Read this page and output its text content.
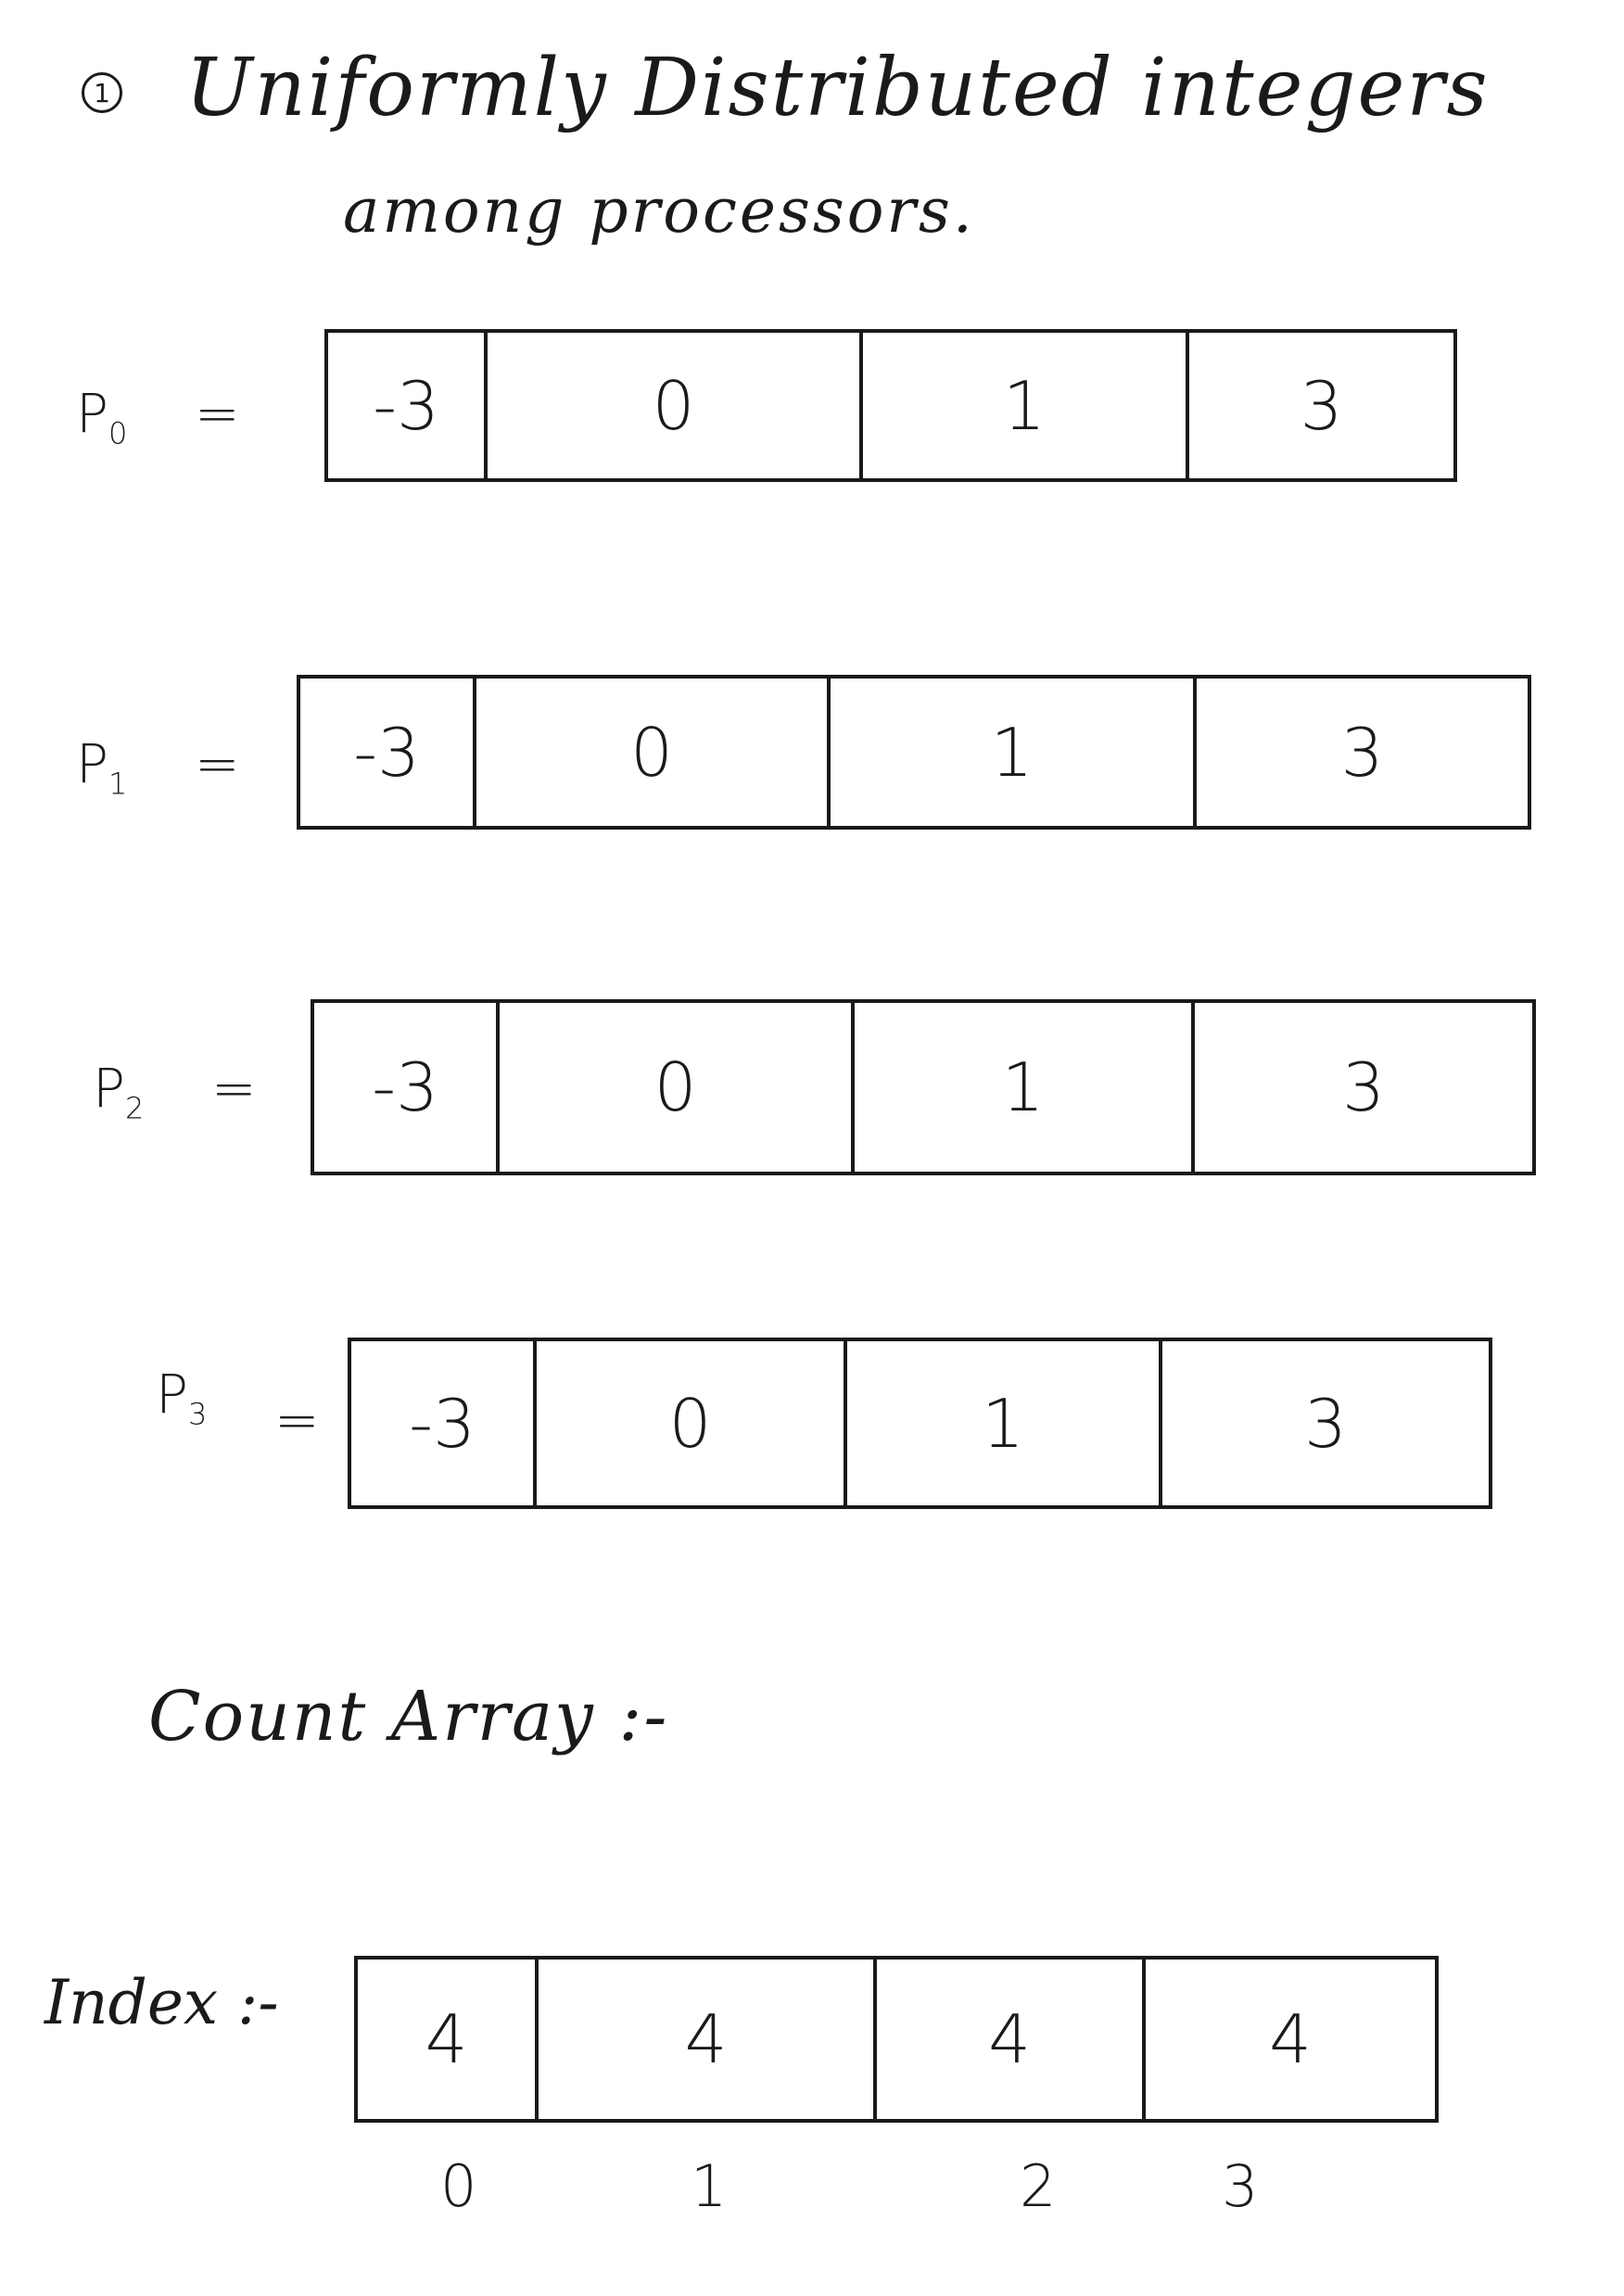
1 Uniformly Distributed integers
among processors.
$P_0$ =	-3	0	1	3
$P_1$ =	-3	0	1	3
$P_2$ =	-3	0	1	3
$P_3$ =	-3	0	1	3
Count Array :-
Index :-	4	4	4	4
0	1	2	3
